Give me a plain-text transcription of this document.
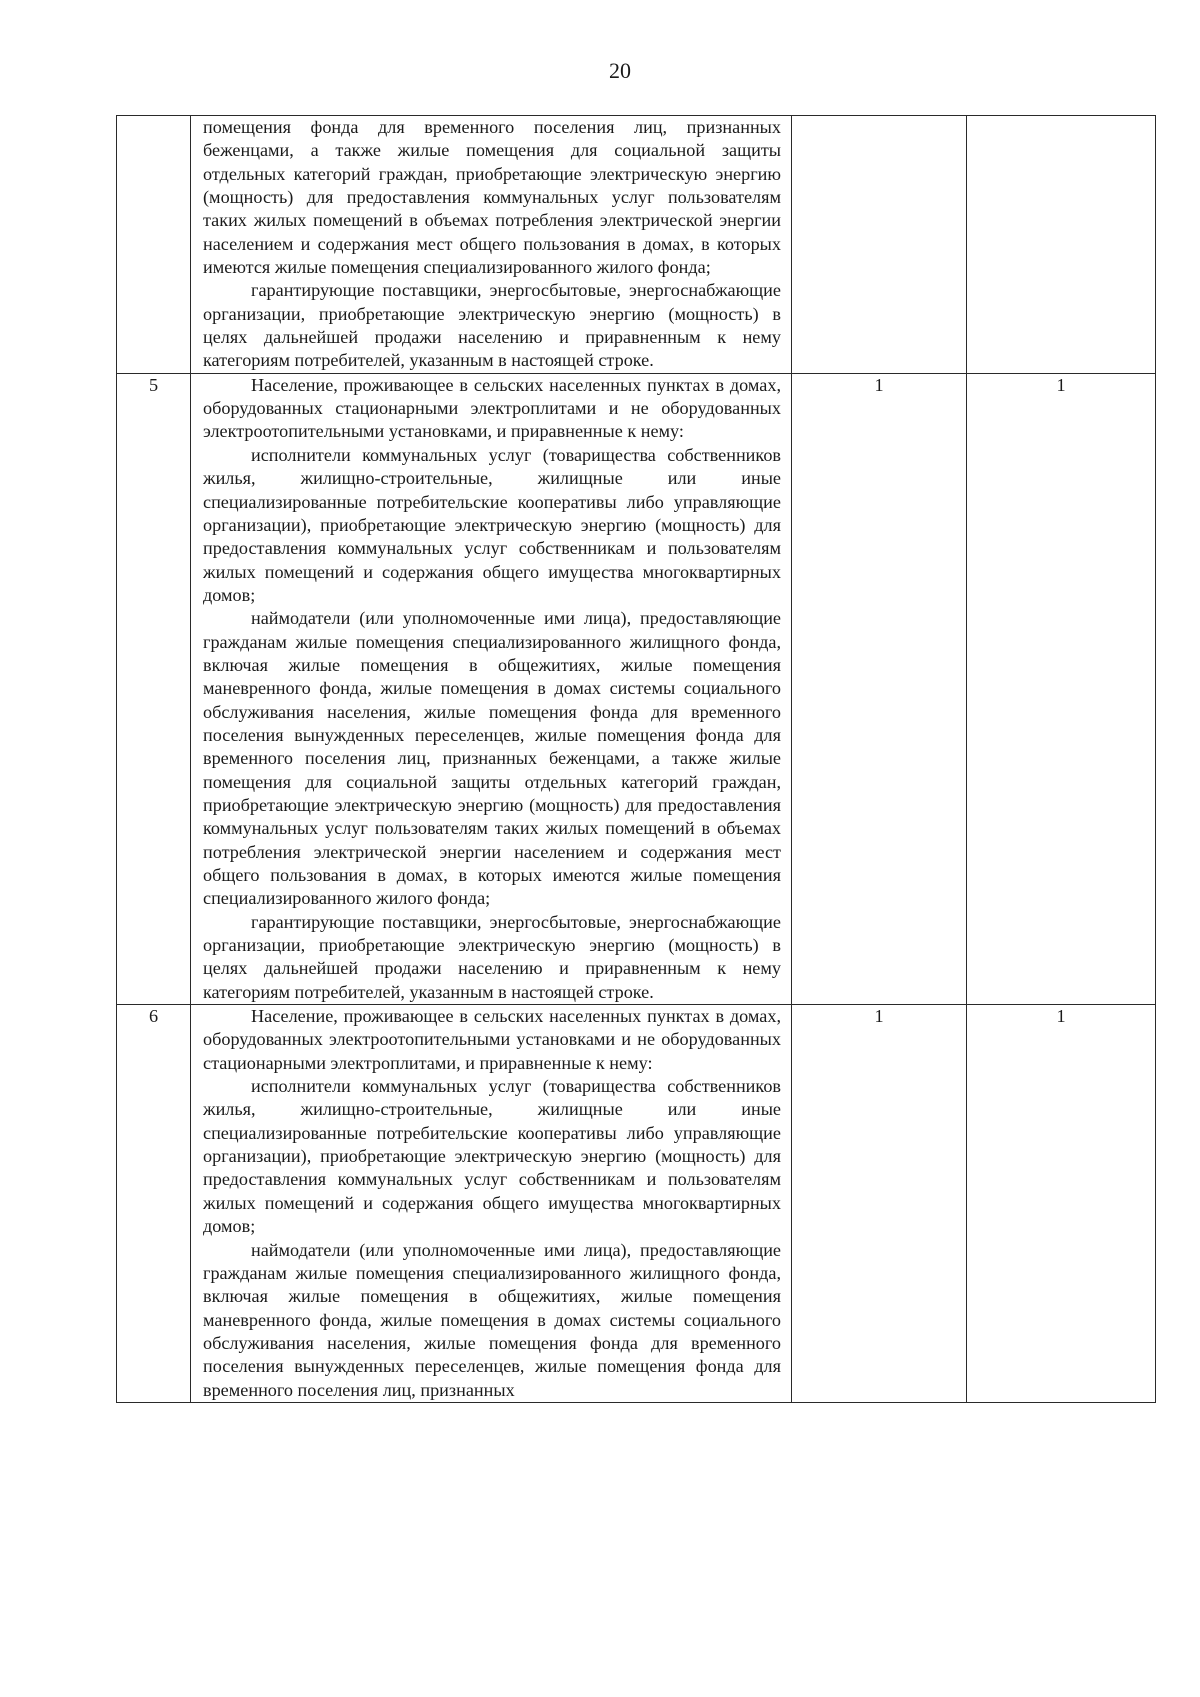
20

	помещения фонда для временного поселения лиц, признанных беженцами, а также жилые помещения для социальной защиты отдельных категорий граждан, приобретающие электрическую энергию (мощность) для предоставления коммунальных услуг пользователям таких жилых помещений в объемах потребления электрической энергии населением и содержания мест общего пользования в домах, в которых имеются жилые помещения специализированного жилого фонда;

гарантирующие поставщики, энергосбытовые, энергоснабжающие организации, приобретающие электрическую энергию (мощность) в целях дальнейшей продажи населению и приравненным к нему категориям потребителей, указанным в настоящей строке.		

5	Население, проживающее в сельских населенных пунктах в домах, оборудованных стационарными электроплитами и не оборудованных электроотопительными установками, и приравненные к нему:

исполнители коммунальных услуг (товарищества собственников жилья, жилищно-строительные, жилищные или иные специализированные потребительские кооперативы либо управляющие организации), приобретающие электрическую энергию (мощность) для предоставления коммунальных услуг собственникам и пользователям жилых помещений и содержания общего имущества многоквартирных домов;

наймодатели (или уполномоченные ими лица), предоставляющие гражданам жилые помещения специализированного жилищного фонда, включая жилые помещения в общежитиях, жилые помещения маневренного фонда, жилые помещения в домах системы социального обслуживания населения, жилые помещения фонда для временного поселения вынужденных переселенцев, жилые помещения фонда для временного поселения лиц, признанных беженцами, а также жилые помещения для социальной защиты отдельных категорий граждан, приобретающие электрическую энергию (мощность) для предоставления коммунальных услуг пользователям таких жилых помещений в объемах потребления электрической энергии населением и содержания мест общего пользования в домах, в которых имеются жилые помещения специализированного жилого фонда;

гарантирующие поставщики, энергосбытовые, энергоснабжающие организации, приобретающие электрическую энергию (мощность) в целях дальнейшей продажи населению и приравненным к нему категориям потребителей, указанным в настоящей строке.	1	1

6	Население, проживающее в сельских населенных пунктах в домах, оборудованных электроотопительными установками и не оборудованных стационарными электроплитами, и приравненные к нему:

исполнители коммунальных услуг (товарищества собственников жилья, жилищно-строительные, жилищные или иные специализированные потребительские кооперативы либо управляющие организации), приобретающие электрическую энергию (мощность) для предоставления коммунальных услуг собственникам и пользователям жилых помещений и содержания общего имущества многоквартирных домов;

наймодатели (или уполномоченные ими лица), предоставляющие гражданам жилые помещения специализированного жилищного фонда, включая жилые помещения в общежитиях, жилые помещения маневренного фонда, жилые помещения в домах системы социального обслуживания населения, жилые помещения фонда для временного поселения вынужденных переселенцев, жилые помещения фонда для временного поселения лиц, признанных	1	1
